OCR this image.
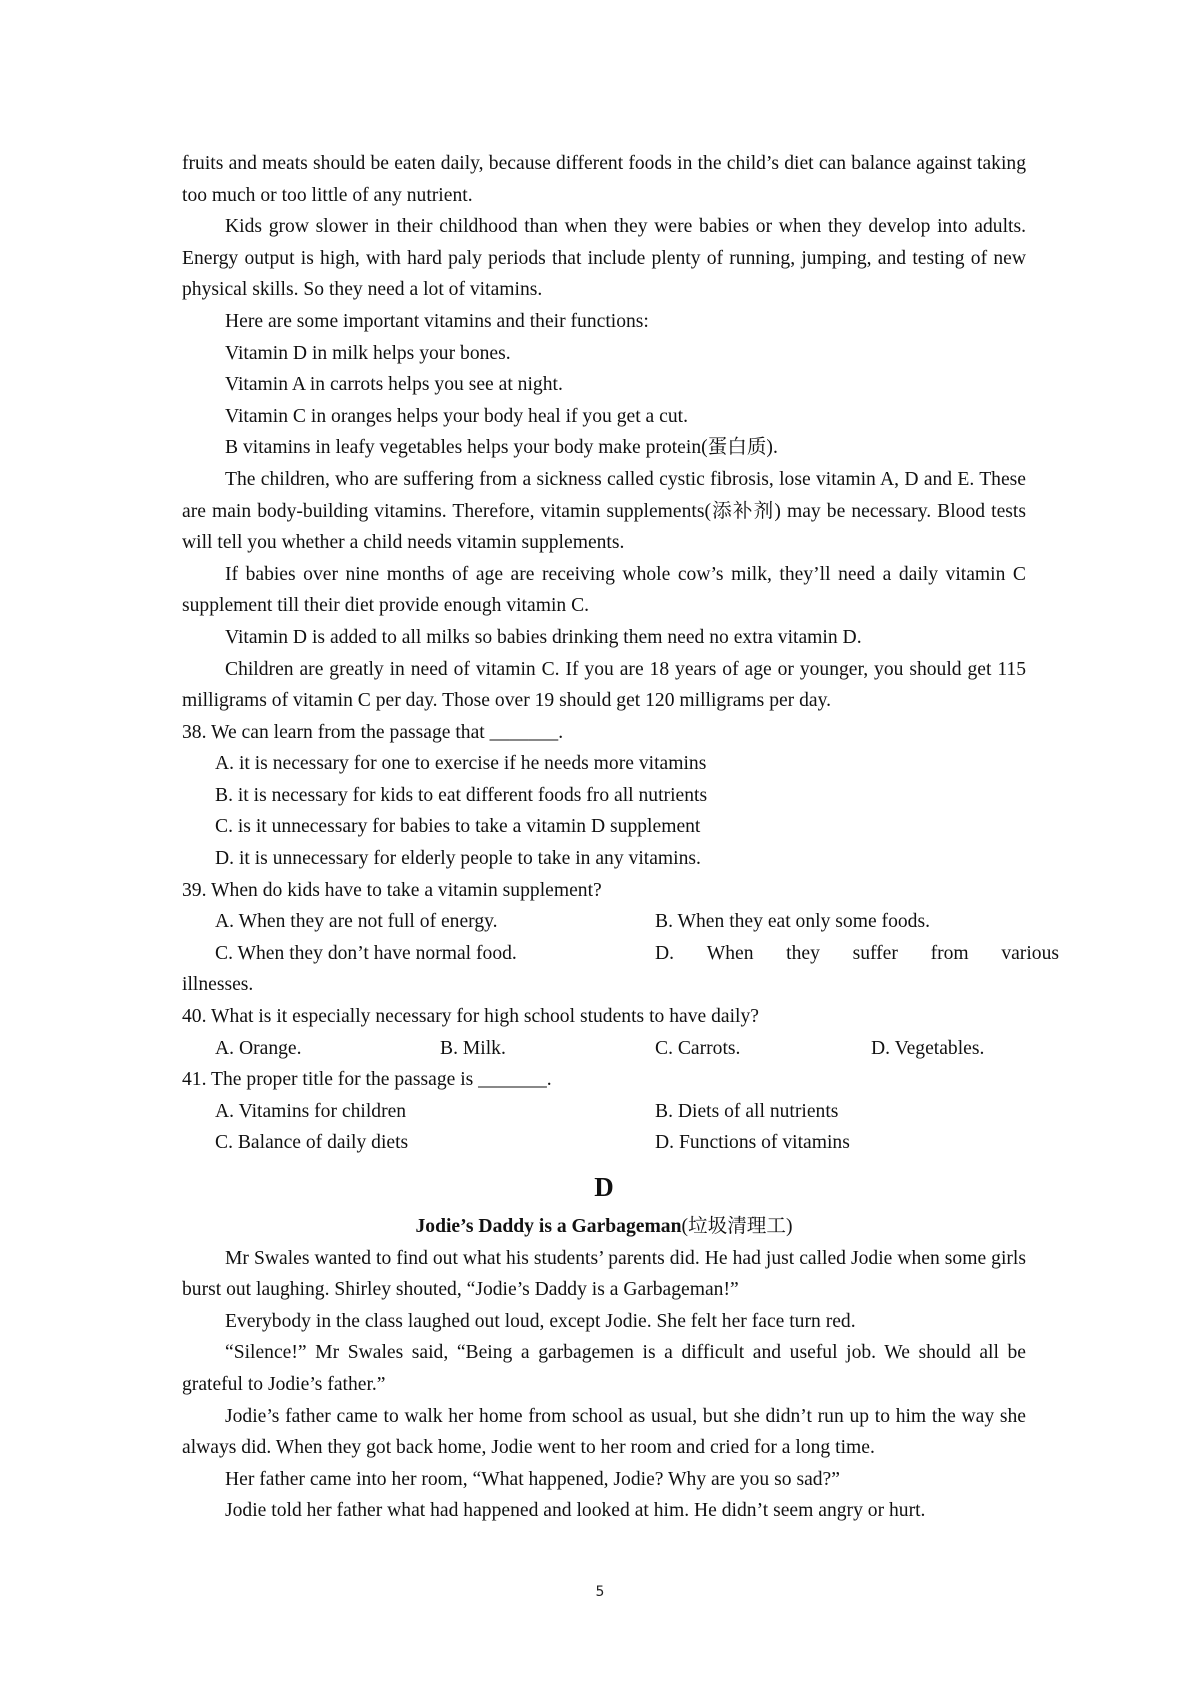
fruits and meats should be eaten daily, because different foods in the child’s diet can balance against taking too much or too little of any nutrient.

Kids grow slower in their childhood than when they were babies or when they develop into adults. Energy output is high, with hard paly periods that include plenty of running, jumping, and testing of new physical skills. So they need a lot of vitamins.

Here are some important vitamins and their functions:

Vitamin D in milk helps your bones.

Vitamin A in carrots helps you see at night.

Vitamin C in oranges helps your body heal if you get a cut.

B vitamins in leafy vegetables helps your body make protein(蛋白质).

The children, who are suffering from a sickness called cystic fibrosis, lose vitamin A, D and E. These are main body-building vitamins. Therefore, vitamin supplements(添补剂) may be necessary. Blood tests will tell you whether a child needs vitamin supplements.

If babies over nine months of age are receiving whole cow’s milk, they’ll need a daily vitamin C supplement till their diet provide enough vitamin C.

Vitamin D is added to all milks so babies drinking them need no extra vitamin D.

Children are greatly in need of vitamin C. If you are 18 years of age or younger, you should get 115 milligrams of vitamin C per day. Those over 19 should get 120 milligrams per day.

38. We can learn from the passage that _______.

A. it is necessary for one to exercise if he needs more vitamins

B. it is necessary for kids to eat different foods fro all nutrients

C. is it unnecessary for babies to take a vitamin D supplement

D. it is unnecessary for elderly people to take in any vitamins.

39. When do kids have to take a vitamin supplement?

A. When they are not full of energy.	B. When they eat only some foods.
C. When they don’t have normal food.	D. When they suffer from various

illnesses.

40. What is it especially necessary for high school students to have daily?

A. Orange.	B. Milk.	C. Carrots.	D. Vegetables.

41. The proper title for the passage is _______.

A. Vitamins for children	B. Diets of all nutrients
C. Balance of daily diets	D. Functions of vitamins
D

Jodie’s Daddy is a Garbageman(垃圾清理工)

Mr Swales wanted to find out what his students’ parents did. He had just called Jodie when some girls burst out laughing. Shirley shouted, “Jodie’s Daddy is a Garbageman!”

Everybody in the class laughed out loud, except Jodie. She felt her face turn red.

“Silence!” Mr Swales said, “Being a garbagemen is a difficult and useful job. We should all be grateful to Jodie’s father.”

Jodie’s father came to walk her home from school as usual, but she didn’t run up to him the way she always did. When they got back home, Jodie went to her room and cried for a long time.

Her father came into her room, “What happened, Jodie? Why are you so sad?”

Jodie told her father what had happened and looked at him. He didn’t seem angry or hurt.

5
